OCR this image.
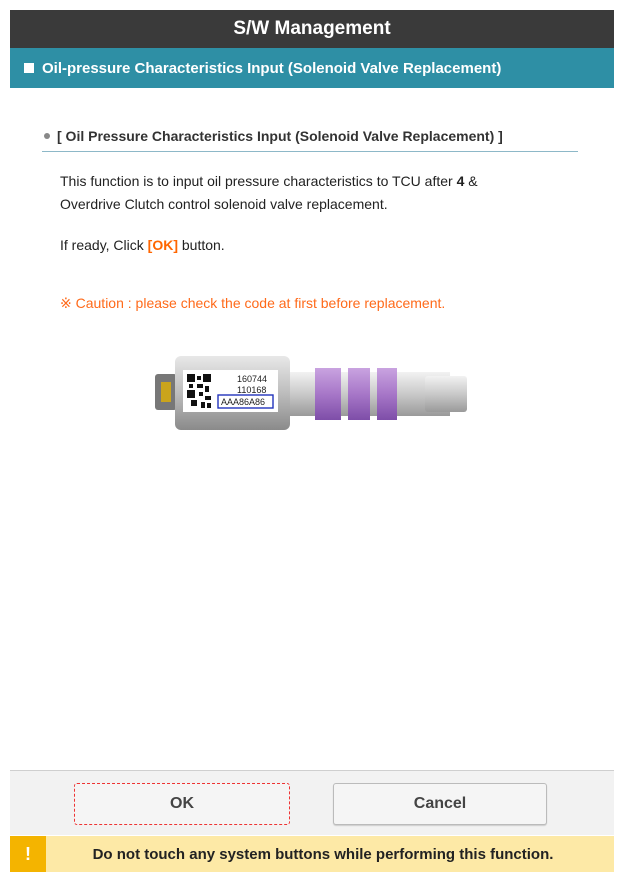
S/W Management
Oil-pressure Characteristics Input (Solenoid Valve Replacement)
[ Oil Pressure Characteristics Input (Solenoid Valve Replacement) ]
This function is to input oil pressure characteristics to TCU after 4 &
Overdrive Clutch control solenoid valve replacement.
If ready, Click [OK] button.
※ Caution : please check the code at first before replacement.
160744
110168
AAA86A86
OK	Cancel
!	Do not touch any system buttons while performing this function.
